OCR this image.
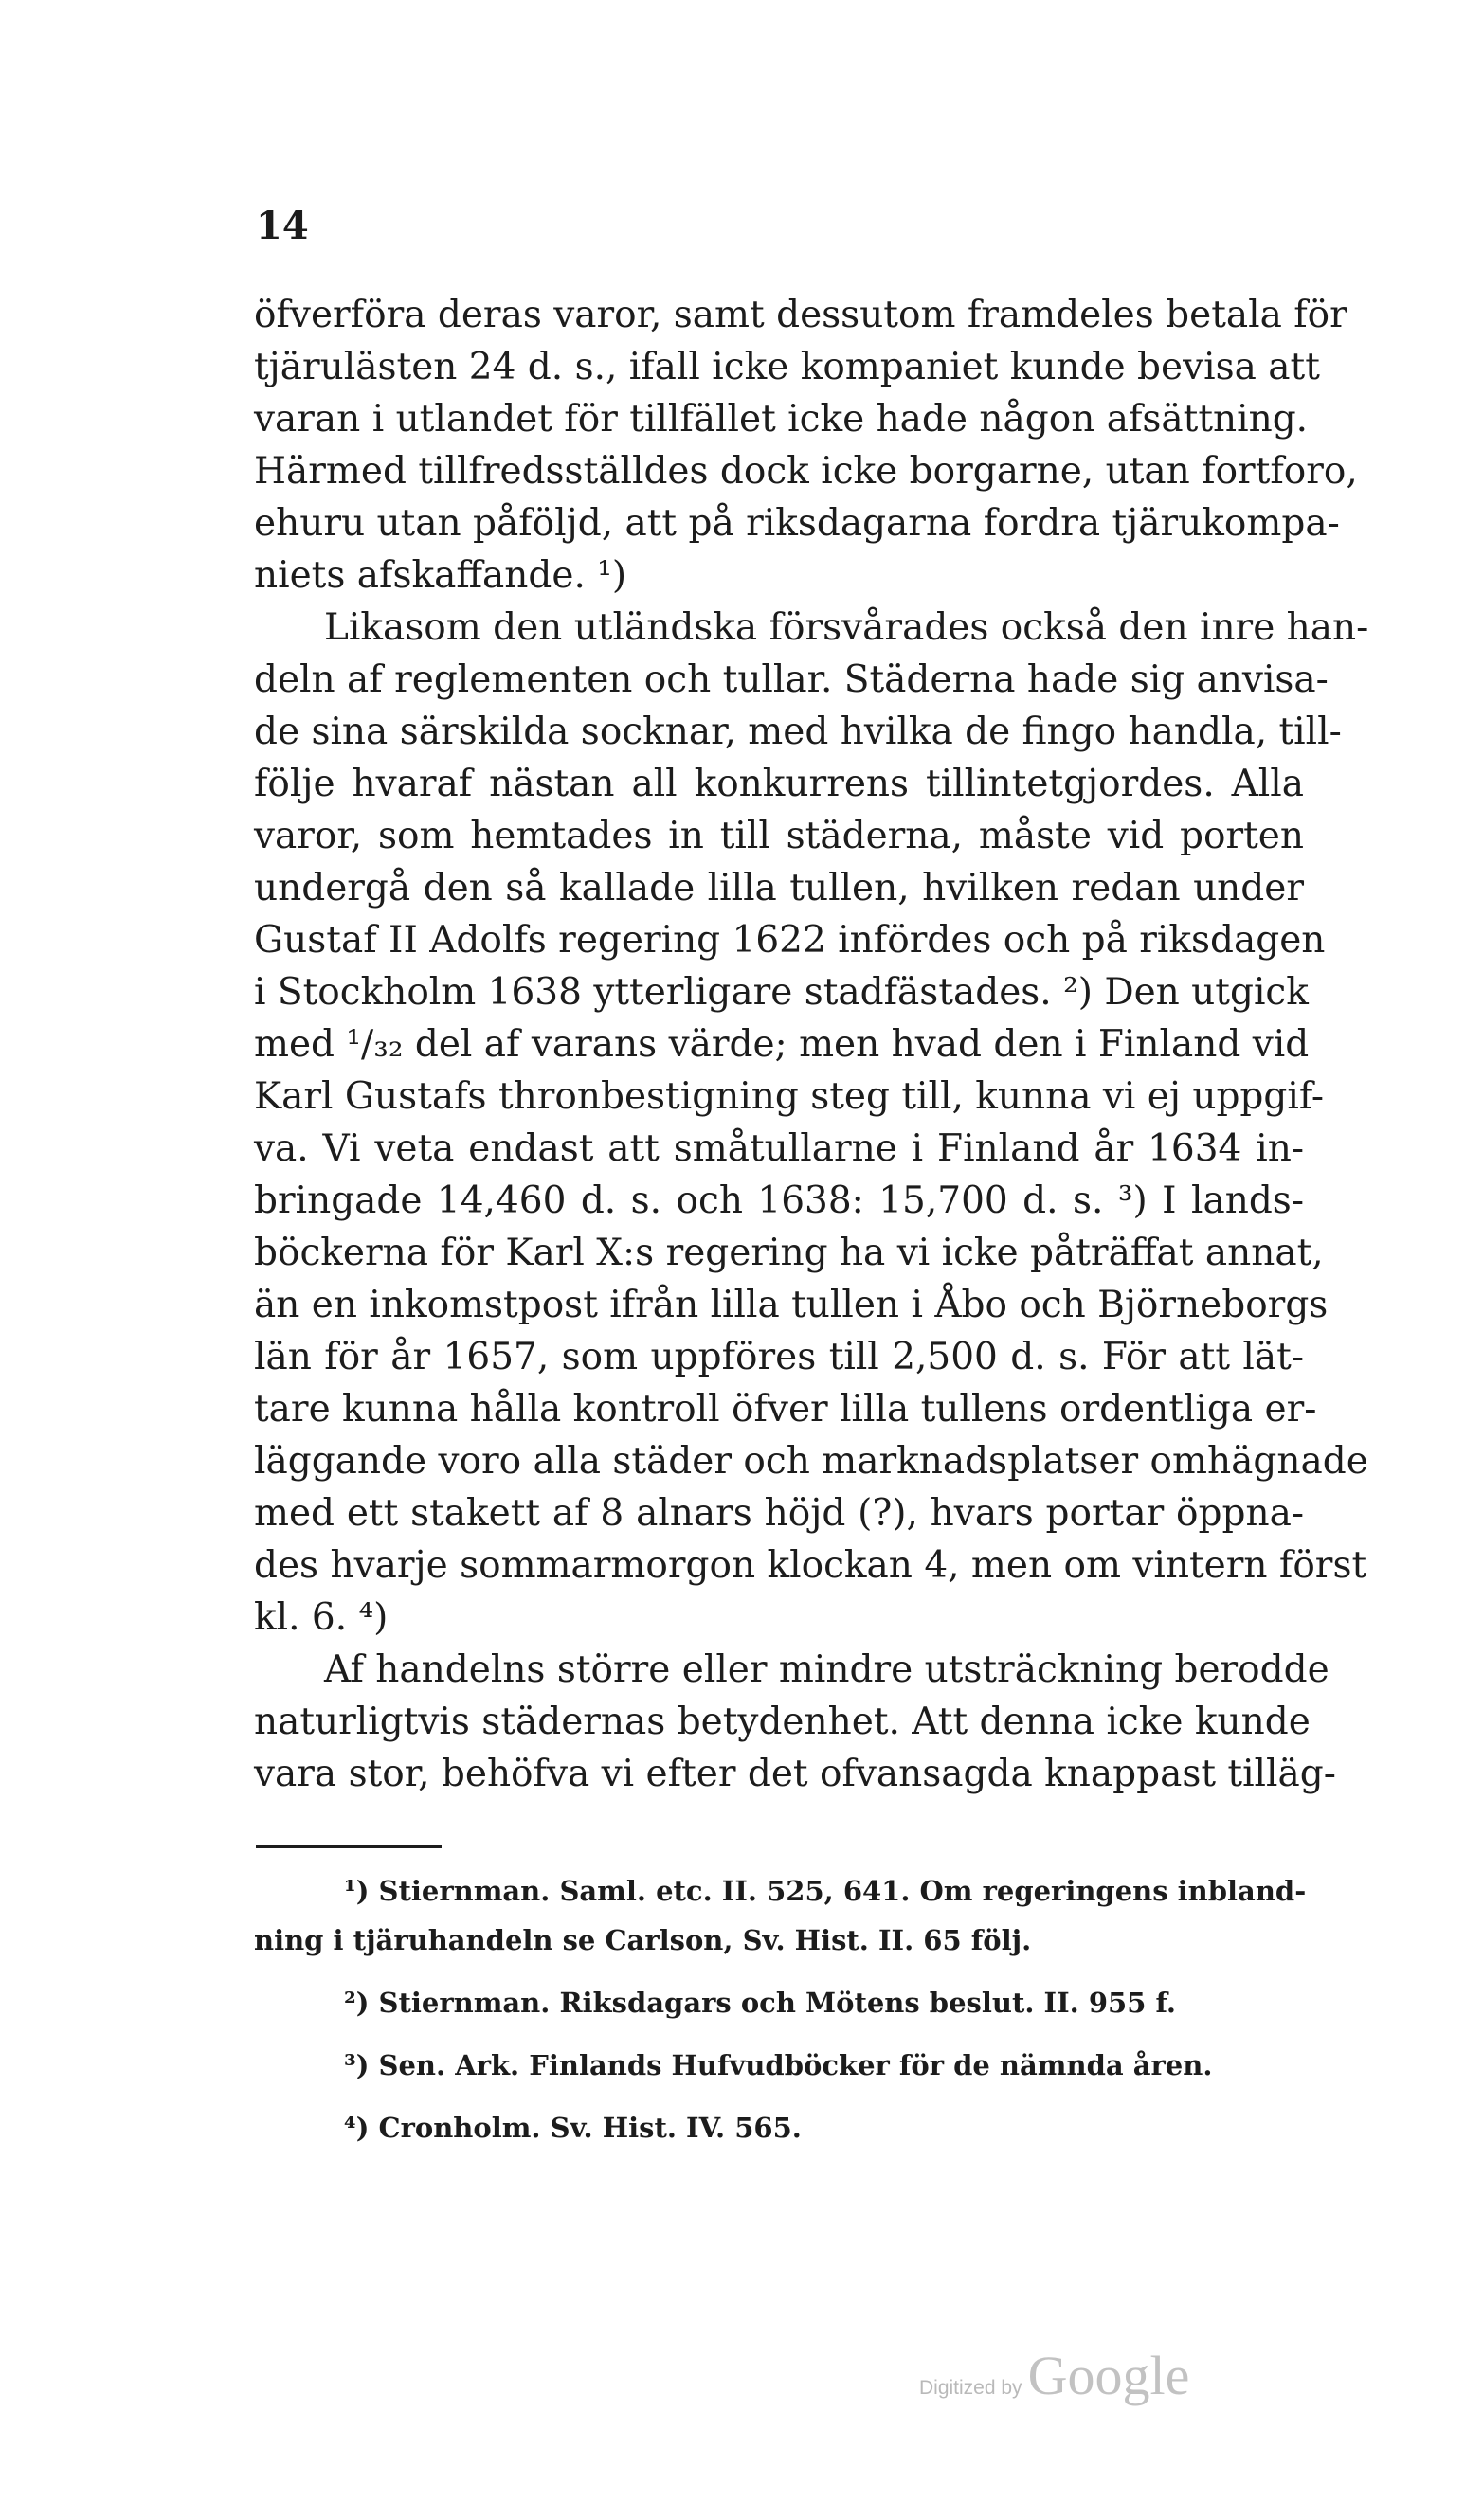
14

öfverföra deras varor, samt dessutom framdeles betala för
tjärulästen 24 d. s., ifall icke kompaniet kunde bevisa att
varan i utlandet för tillfället icke hade någon afsättning.
Härmed tillfredsställdes dock icke borgarne, utan fortforo,
ehuru utan påföljd, att på riksdagarna fordra tjärukompa-
niets afskaffande. ¹)
Likasom den utländska försvårades också den inre han-
deln af reglementen och tullar. Städerna hade sig anvisa-
de sina särskilda socknar, med hvilka de fingo handla, till-
följe hvaraf nästan all konkurrens tillintetgjordes. Alla
varor, som hemtades in till städerna, måste vid porten
undergå den så kallade lilla tullen, hvilken redan under
Gustaf II Adolfs regering 1622 infördes och på riksdagen
i Stockholm 1638 ytterligare stadfästades. ²) Den utgick
med ¹/₃₂ del af varans värde; men hvad den i Finland vid
Karl Gustafs thronbestigning steg till, kunna vi ej uppgif-
va. Vi veta endast att småtullarne i Finland år 1634 in-
bringade 14,460 d. s. och 1638: 15,700 d. s. ³) I lands-
böckerna för Karl X:s regering ha vi icke påträffat annat,
än en inkomstpost ifrån lilla tullen i Åbo och Björneborgs
län för år 1657, som uppföres till 2,500 d. s. För att lät-
tare kunna hålla kontroll öfver lilla tullens ordentliga er-
läggande voro alla städer och marknadsplatser omhägnade
med ett stakett af 8 alnars höjd (?), hvars portar öppna-
des hvarje sommarmorgon klockan 4, men om vintern först
kl. 6. ⁴)
Af handelns större eller mindre utsträckning berodde
naturligtvis städernas betydenhet. Att denna icke kunde
vara stor, behöfva vi efter det ofvansagda knappast tilläg-
¹) Stiernman. Saml. etc. II. 525, 641. Om regeringens inbland-
ning i tjäruhandeln se Carlson, Sv. Hist. II. 65 följ.
²) Stiernman. Riksdagars och Mötens beslut. II. 955 f.
³) Sen. Ark. Finlands Hufvudböcker för de nämnda åren.
⁴) Cronholm. Sv. Hist. IV. 565.
Digitized by Google
